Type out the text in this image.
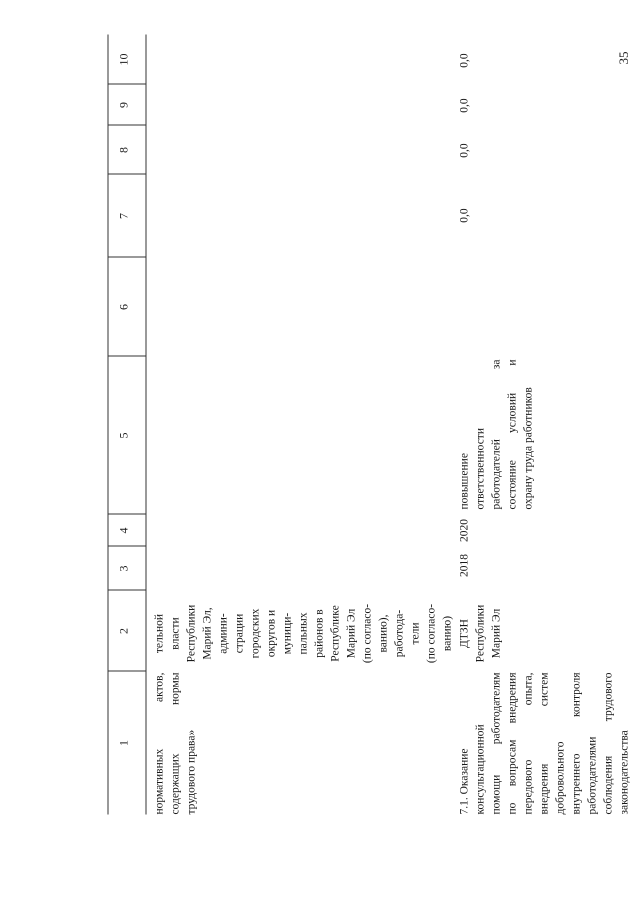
35
1
2
3
4
5
6
7
8
9
10
нормативных актов, содержащих нормы трудового права»
тельной власти Республики Марий Эл, админи- страции городских округов и муници- пальных районов в Республике Марий Эл (по согласо- ванию), работода- тели (по согласо- ванию)
7.1. Оказание консультационной помощи работодателям по вопросам внедрения передового опыта, внедрения систем добровольного внутреннего контроля работодателями соблюдения трудового законодательства
ДТЗН Республики Марий Эл
2018
2020
повышение ответственности работодателей за состояние условий и охрану труда работников
0,0
0,0
0,0
0,0
